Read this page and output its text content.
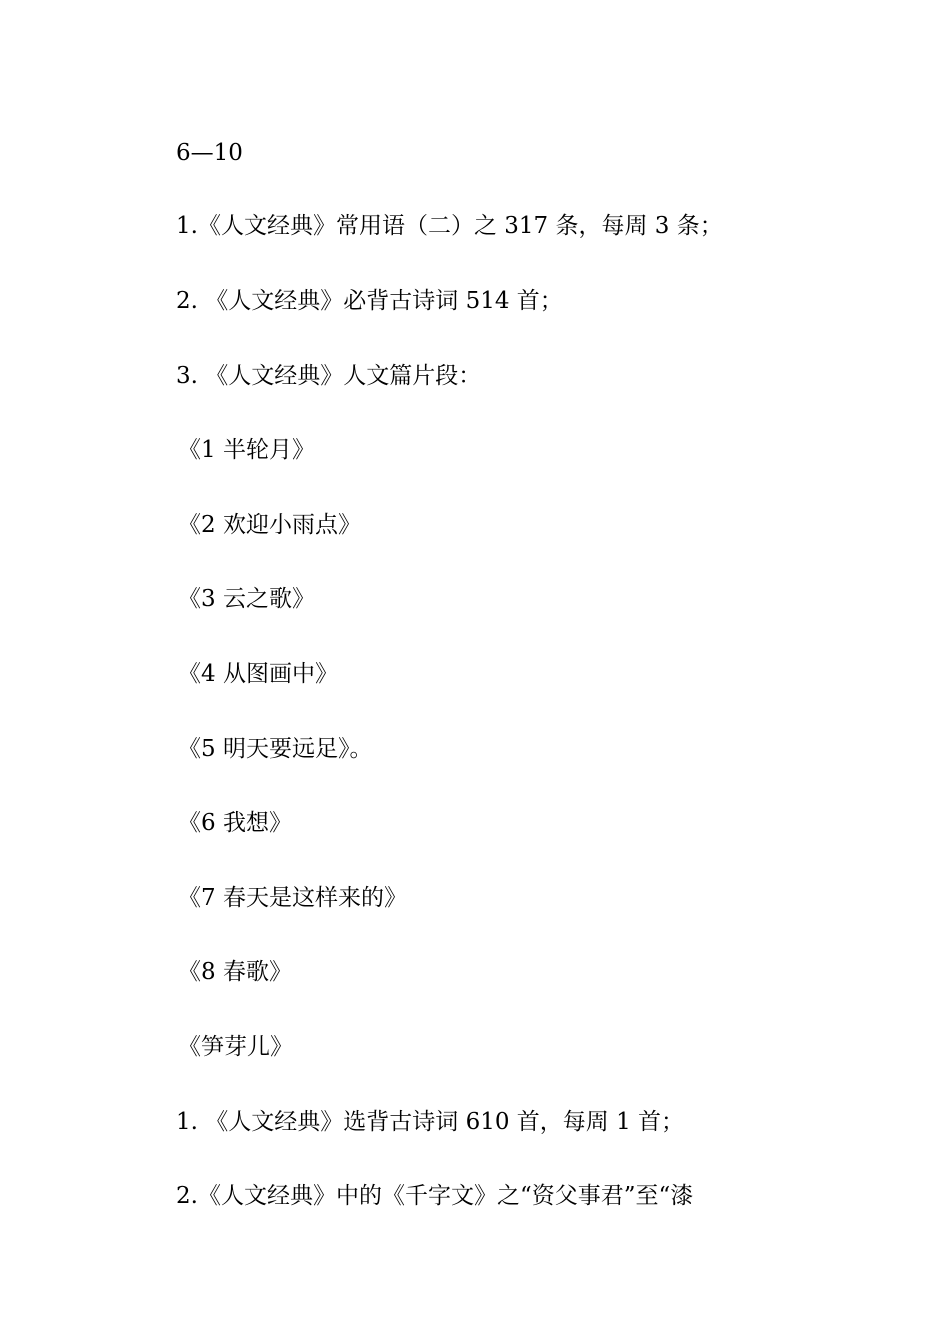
6—10
1.《人文经典》常用语（二）之 317 条，每周 3 条；
2. 《人文经典》必背古诗词 514 首；
3. 《人文经典》人文篇片段：
《1 半轮月》
《2 欢迎小雨点》
《3 云之歌》
《4 从图画中》
《5 明天要远足》。
《6 我想》
《7 春天是这样来的》
《8 春歌》
《笋芽儿》
1. 《人文经典》选背古诗词 610 首，每周 1 首；
2.《人文经典》中的《千字文》之“资父事君”至“漆
